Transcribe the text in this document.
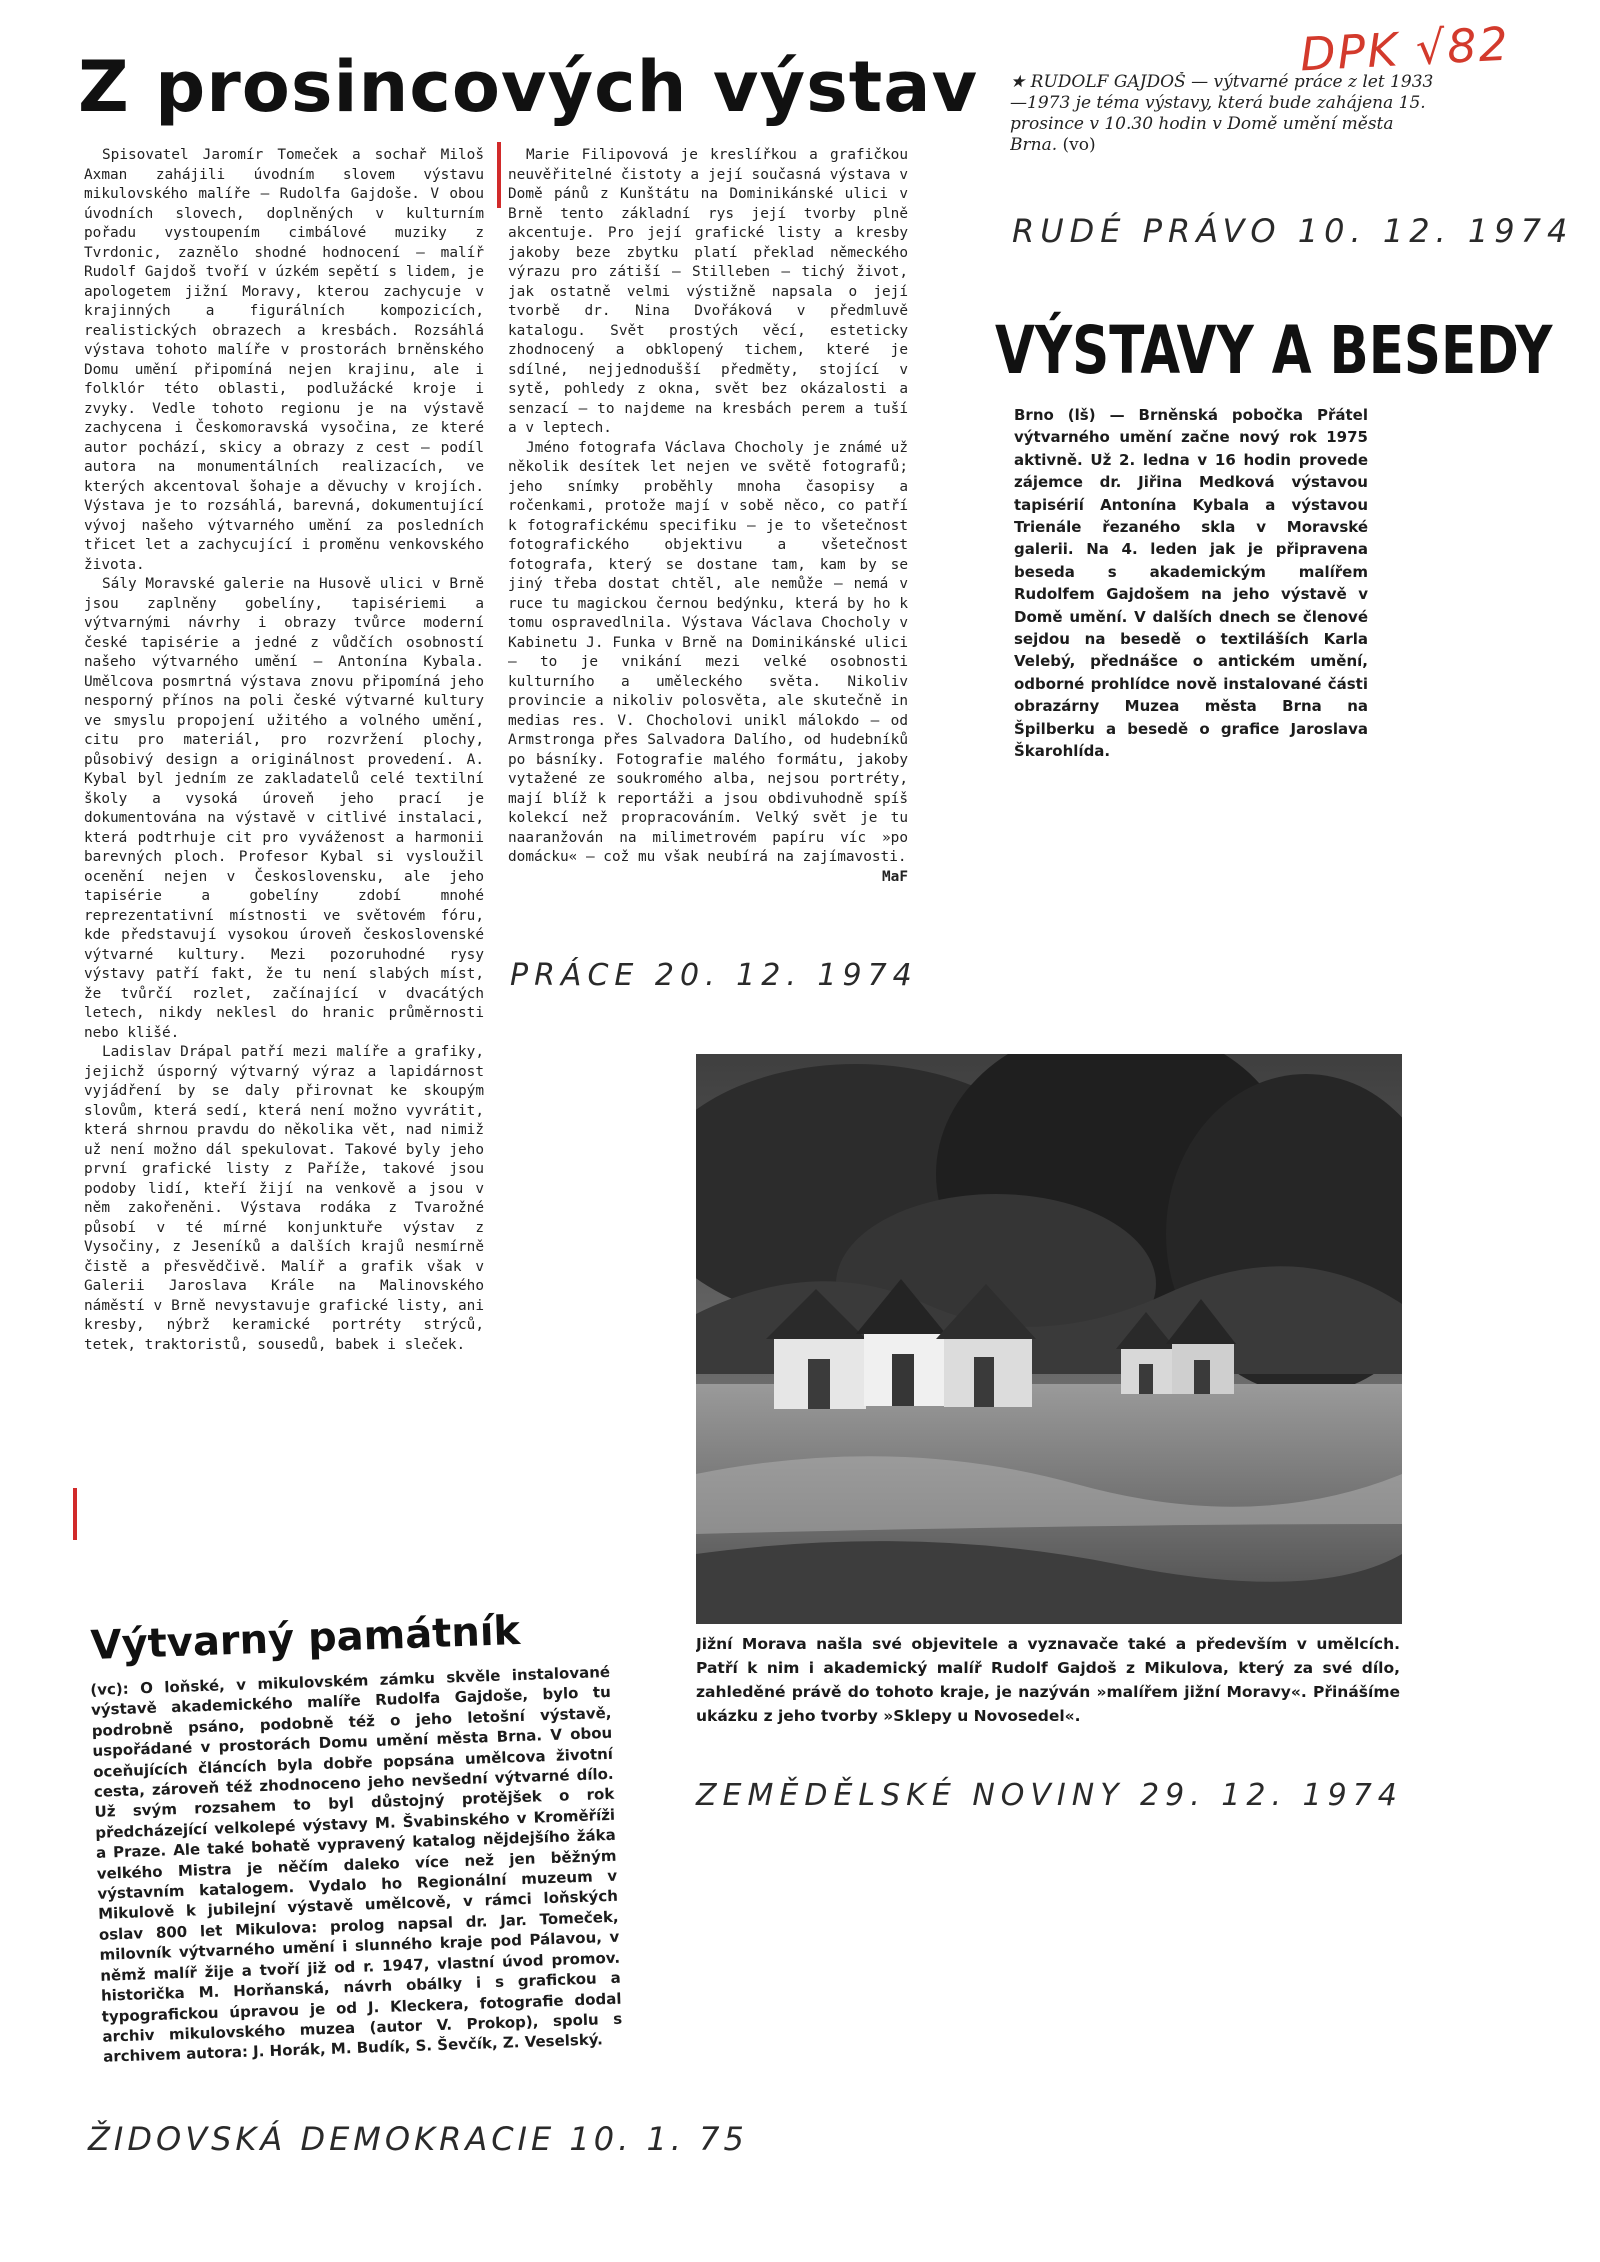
DPK √82
Z prosincových výstav

Spisovatel Jaromír Tomeček a sochař Miloš Axman zahájili úvodním slovem výstavu mikulovského malíře — Rudolfa Gajdoše. V obou úvodních slovech, doplněných v kulturním pořadu vystoupením cimbálové muziky z Tvrdonic, zaznělo shodné hodnocení — malíř Rudolf Gajdoš tvoří v úzkém sepětí s lidem, je apologetem jižní Moravy, kterou zachycuje v krajinných a figurálních kompozicích, realistických obrazech a kresbách. Rozsáhlá výstava tohoto malíře v prostorách brněnského Domu umění připomíná nejen krajinu, ale i folklór této oblasti, podlužácké kroje i zvyky. Vedle tohoto regionu je na výstavě zachycena i Českomoravská vysočina, ze které autor pochází, skicy a obrazy z cest — podíl autora na monumentálních realizacích, ve kterých akcentoval šohaje a děvuchy v krojích. Výstava je to rozsáhlá, barevná, dokumentující vývoj našeho výtvarného umění za posledních třicet let a zachycující i proměnu venkovského života.

Sály Moravské galerie na Husově ulici v Brně jsou zaplněny gobelíny, tapisériemi a výtvarnými návrhy i obrazy tvůrce moderní české tapisérie a jedné z vůdčích osobností našeho výtvarného umění — Antonína Kybala. Umělcova posmrtná výstava znovu připomíná jeho nesporný přínos na poli české výtvarné kultury ve smyslu propojení užitého a volného umění, citu pro materiál, pro rozvržení plochy, působivý design a originálnost provedení. A. Kybal byl jedním ze zakladatelů celé textilní školy a vysoká úroveň jeho prací je dokumentována na výstavě v citlivé instalaci, která podtrhuje cit pro vyváženost a harmonii barevných ploch. Profesor Kybal si vysloužil ocenění nejen v Československu, ale jeho tapisérie a gobelíny zdobí mnohé reprezentativní místnosti ve světovém fóru, kde představují vysokou úroveň československé výtvarné kultury. Mezi pozoruhodné rysy výstavy patří fakt, že tu není slabých míst, že tvůrčí rozlet, začínající v dvacátých letech, nikdy neklesl do hranic průměrnosti nebo klišé.

Ladislav Drápal patří mezi malíře a grafiky, jejichž úsporný výtvarný výraz a lapidárnost vyjádření by se daly přirovnat ke skoupým slovům, která sedí, která není možno vyvrátit, která shrnou pravdu do několika vět, nad nimiž už není možno dál spekulovat. Takové byly jeho první grafické listy z Paříže, takové jsou podoby lidí, kteří žijí na venkově a jsou v něm zakořeněni. Výstava rodáka z Tvarožné působí v té mírné konjunktuře výstav z Vysočiny, z Jeseníků a dalších krajů nesmírně čistě a přesvědčivě. Malíř a grafik však v Galerii Jaroslava Krále na Malinovského náměstí v Brně nevystavuje grafické listy, ani kresby, nýbrž keramické portréty strýců, tetek, traktoristů, sousedů, babek i sleček.

Marie Filipovová je kreslířkou a grafičkou neuvěřitelné čistoty a její současná výstava v Domě pánů z Kunštátu na Dominikánské ulici v Brně tento základní rys její tvorby plně akcentuje. Pro její grafické listy a kresby jakoby beze zbytku platí překlad německého výrazu pro zátiší — Stilleben — tichý život, jak ostatně velmi výstižně napsala o její tvorbě dr. Nina Dvořáková v předmluvě katalogu. Svět prostých věcí, esteticky zhodnocený a obklopený tichem, které je sdílné, nejjednodušší předměty, stojící v sytě, pohledy z okna, svět bez okázalosti a senzací — to najdeme na kresbách perem a tuší a v leptech.

Jméno fotografa Václava Chocholy je známé už několik desítek let nejen ve světě fotografů; jeho snímky proběhly mnoha časopisy a ročenkami, protože mají v sobě něco, co patří k fotografickému specifiku — je to všetečnost fotografického objektivu a všetečnost fotografa, který se dostane tam, kam by se jiný třeba dostat chtěl, ale nemůže — nemá v ruce tu magickou černou bedýnku, která by ho k tomu ospravedlnila. Výstava Václava Chocholy v Kabinetu J. Funka v Brně na Dominikánské ulici — to je vnikání mezi velké osobnosti kulturního a uměleckého světa. Nikoliv provincie a nikoliv polosvěta, ale skutečně in medias res. V. Chocholovi unikl málokdo — od Armstronga přes Salvadora Dalího, od hudebníků po básníky. Fotografie malého formátu, jakoby vytažené ze soukromého alba, nejsou portréty, mají blíž k reportáži a jsou obdivuhodně spíš kolekcí než propracováním. Velký svět je tu naaranžován na milimetrovém papíru víc »po domácku« — což mu však neubírá na zajímavosti.

MaF

PRÁCE 20. 12. 1974
★ RUDOLF GAJDOŠ — výtvarné práce z let 1933—1973 je téma výstavy, která bude zahájena 15. prosince v 10.30 hodin v Domě umění města Brna. (vo)
RUDÉ PRÁVO 10. 12. 1974
VÝSTAVY A BESEDY
Brno (lš) — Brněnská pobočka Přátel výtvarného umění začne nový rok 1975 aktivně. Už 2. ledna v 16 hodin provede zájemce dr. Jiřina Medková výstavou tapisérií Antonína Kybala a výstavou Trienále řezaného skla v Moravské galerii. Na 4. leden jak je připravena beseda s akademickým malířem Rudolfem Gajdošem na jeho výstavě v Domě umění. V dalších dnech se členové sejdou na besedě o textiláších Karla Velebý, přednášce o antickém umění, odborné prohlídce nově instalované části obrazárny Muzea města Brna na Špilberku a besedě o grafice Jaroslava Škarohlída.
Jižní Morava našla své objevitele a vyznavače také a především v umělcích. Patří k nim i akademický malíř Rudolf Gajdoš z Mikulova, který za své dílo, zahleděné právě do tohoto kraje, je nazýván »malířem jižní Moravy«. Přinášíme ukázku z jeho tvorby »Sklepy u Novosedel«.
ZEMĚDĚLSKÉ NOVINY 29. 12. 1974
Výtvarný památník
(vc): O loňské, v mikulovském zámku skvěle instalované výstavě akademického malíře Rudolfa Gajdoše, bylo tu podrobně psáno, podobně též o jeho letošní výstavě, uspořádané v prostorách Domu umění města Brna. V obou oceňujících článcích byla dobře popsána umělcova životní cesta, zároveň též zhodnoceno jeho nevšední výtvarné dílo. Už svým rozsahem to byl důstojný protějšek o rok předcházející velkolepé výstavy M. Švabinského v Kroměříži a Praze. Ale také bohatě vypravený katalog nějdejšího žáka velkého Mistra je něčím daleko více než jen běžným výstavním katalogem. Vydalo ho Regionální muzeum v Mikulově k jubilejní výstavě umělcově, v rámci loňských oslav 800 let Mikulova: prolog napsal dr. Jar. Tomeček, milovník výtvarného umění i slunného kraje pod Pálavou, v němž malíř žije a tvoří již od r. 1947, vlastní úvod promov. historička M. Horňanská, návrh obálky i s grafickou a typografickou úpravou je od J. Kleckera, fotografie dodal archiv mikulovského muzea (autor V. Prokop), spolu s archivem autora: J. Horák, M. Budík, S. Ševčík, Z. Veselský.
ŽIDOVSKÁ DEMOKRACIE 10. 1. 75
